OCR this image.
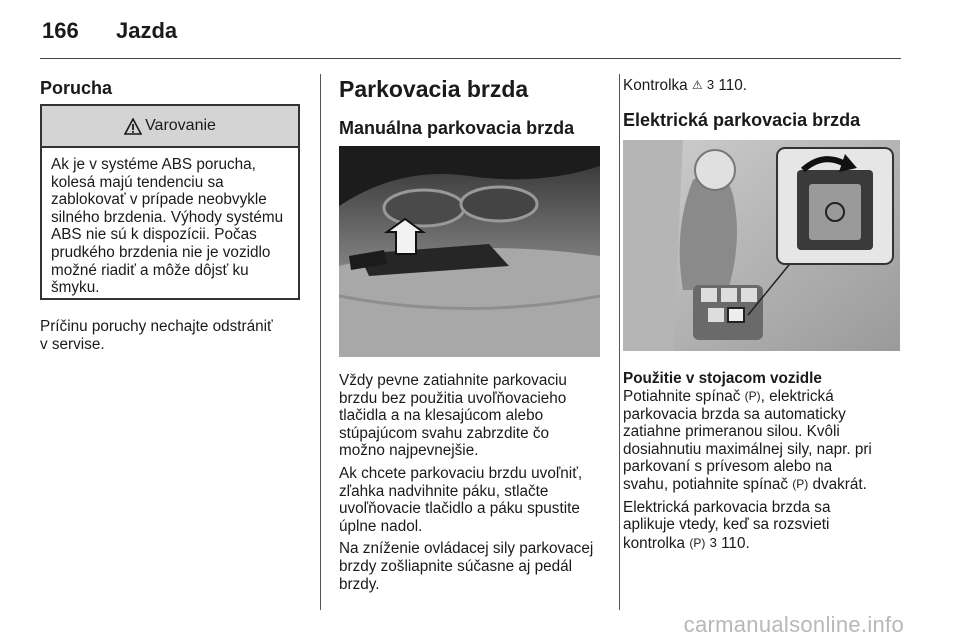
166 Jazda
Porucha
Varovanie
Ak je v systéme ABS porucha,
kolesá majú tendenciu sa
zablokovať v prípade neobvykle
silného brzdenia. Výhody systému
ABS nie sú k dispozícii. Počas
prudkého brzdenia nie je vozidlo
možné riadiť a môže dôjsť ku
šmyku.
Príčinu poruchy nechajte odstrániť
v servise.
Parkovacia brzda
Manuálna parkovacia brzda
Vždy pevne zatiahnite parkovaciu
brzdu bez použitia uvoľňovacieho
tlačidla a na klesajúcom alebo
stúpajúcom svahu zabrzdite čo
možno najpevnejšie.
Ak chcete parkovaciu brzdu uvoľniť,
zľahka nadvihnite páku, stlačte
uvoľňovacie tlačidlo a páku spustite
úplne nadol.
Na zníženie ovládacej sily parkovacej
brzdy zošliapnite súčasne aj pedál
brzdy.
Kontrolka ⚠ 3 110.
Elektrická parkovacia brzda
Použitie v stojacom vozidle
Potiahnite spínač (P), elektrická
parkovacia brzda sa automaticky
zatiahne primeranou silou. Kvôli
dosiahnutiu maximálnej sily, napr. pri
parkovaní s prívesom alebo na
svahu, potiahnite spínač (P) dvakrát.
Elektrická parkovacia brzda sa
aplikuje vtedy, keď sa rozsvieti
kontrolka (P) 3 110.
carmanualsonline.info
